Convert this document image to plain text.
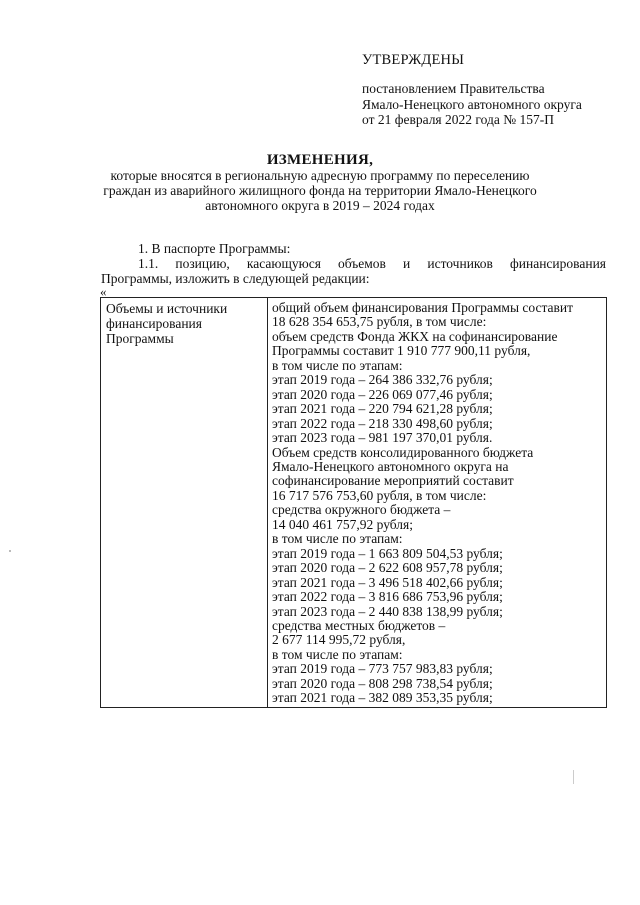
УТВЕРЖДЕНЫ
постановлением Правительства
Ямало-Ненецкого автономного округа
от 21 февраля 2022 года № 157-П
ИЗМЕНЕНИЯ,
которые вносятся в региональную адресную программу по переселению
граждан из аварийного жилищного фонда на территории Ямало-Ненецкого
автономного округа в 2019 – 2024 годах
1. В паспорте Программы:
1.1. позицию, касающуюся объемов и источников финансирования
Программы, изложить в следующей редакции:
«
Объемы и источники
финансирования
Программы
общий объем финансирования Программы составит
18 628 354 653,75 рубля, в том числе:
объем средств Фонда ЖКХ на софинансирование
Программы составит 1 910 777 900,11 рубля,
в том числе по этапам:
этап 2019 года – 264 386 332,76 рубля;
этап 2020 года – 226 069 077,46 рубля;
этап 2021 года – 220 794 621,28 рубля;
этап 2022 года – 218 330 498,60 рубля;
этап 2023 года – 981 197 370,01 рубля.
Объем средств консолидированного бюджета
Ямало-Ненецкого автономного округа на
софинансирование мероприятий составит
16 717 576 753,60 рубля, в том числе:
средства окружного бюджета –
14 040 461 757,92 рубля;
в том числе по этапам:
этап 2019 года – 1 663 809 504,53 рубля;
этап 2020 года – 2 622 608 957,78 рубля;
этап 2021 года – 3 496 518 402,66 рубля;
этап 2022 года – 3 816 686 753,96 рубля;
этап 2023 года – 2 440 838 138,99 рубля;
средства местных бюджетов –
2 677 114 995,72 рубля,
в том числе по этапам:
этап 2019 года – 773 757 983,83 рубля;
этап 2020 года – 808 298 738,54 рубля;
этап 2021 года – 382 089 353,35 рубля;
